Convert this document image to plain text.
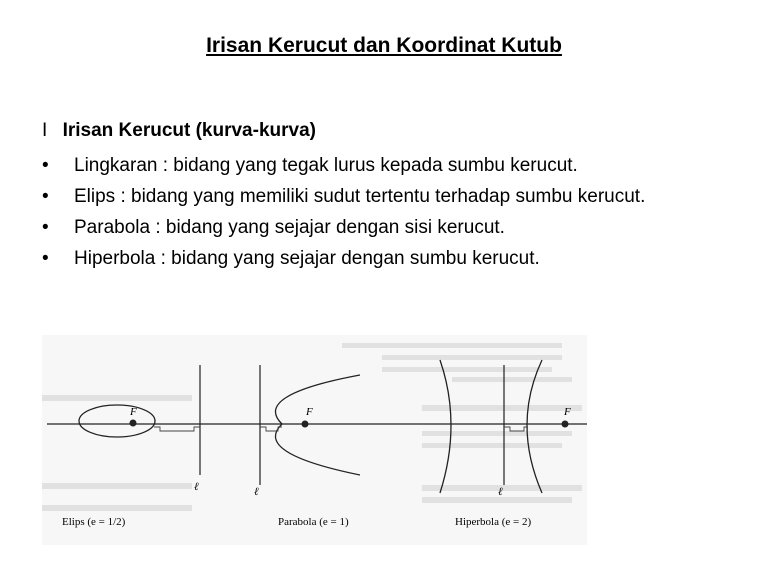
Irisan Kerucut dan Koordinat Kutub
I Irisan Kerucut (kurva-kurva)
•	Lingkaran : bidang yang tegak lurus kepada sumbu kerucut.
•	Elips : bidang yang memiliki sudut tertentu terhadap sumbu kerucut.
•	Parabola : bidang yang sejajar dengan sisi kerucut.
•	Hiperbola : bidang yang sejajar dengan sumbu kerucut.
F
ℓ
Elips (e = 1/2)
F
ℓ
Parabola (e = 1)
F
ℓ
Hiperbola (e = 2)
